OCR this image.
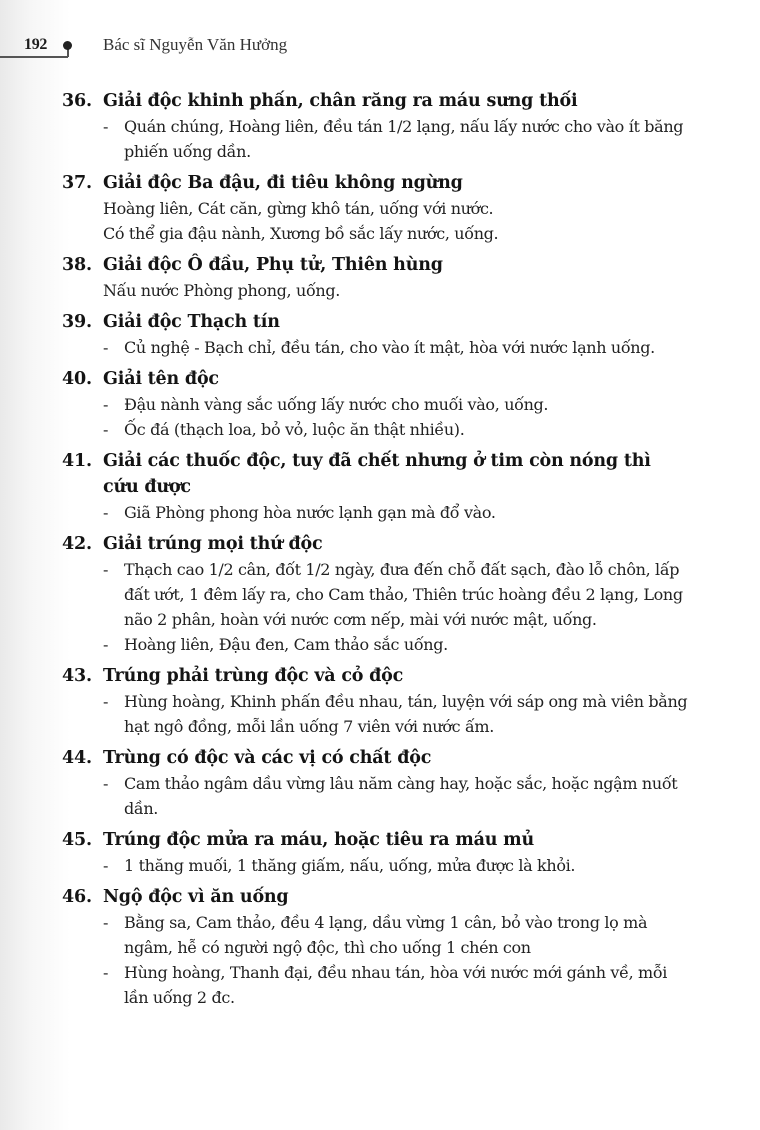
192	Bác sĩ Nguyễn Văn Hưởng
36. Giải độc khinh phấn, chân răng ra máu sưng thối
- Quán chúng, Hoàng liên, đều tán 1/2 lạng, nấu lấy nước cho vào ít băng phiến uống dần.
37. Giải độc Ba đậu, đi tiêu không ngừng
Hoàng liên, Cát căn, gừng khô tán, uống với nước.
Có thể gia đậu nành, Xương bồ sắc lấy nước, uống.
38. Giải độc Ô đầu, Phụ tử, Thiên hùng
Nấu nước Phòng phong, uống.
39. Giải độc Thạch tín
- Củ nghệ - Bạch chỉ, đều tán, cho vào ít mật, hòa với nước lạnh uống.
40. Giải tên độc
- Đậu nành vàng sắc uống lấy nước cho muối vào, uống.
- Ốc đá (thạch loa, bỏ vỏ, luộc ăn thật nhiều).
41. Giải các thuốc độc, tuy đã chết nhưng ở tim còn nóng thì cứu được
- Giã Phòng phong hòa nước lạnh gạn mà đổ vào.
42. Giải trúng mọi thứ độc
- Thạch cao 1/2 cân, đốt 1/2 ngày, đưa đến chỗ đất sạch, đào lỗ chôn, lấp đất ướt, 1 đêm lấy ra, cho Cam thảo, Thiên trúc hoàng đều 2 lạng, Long não 2 phân, hoàn với nước cơm nếp, mài với nước mật, uống.
- Hoàng liên, Đậu đen, Cam thảo sắc uống.
43. Trúng phải trùng độc và cỏ độc
- Hùng hoàng, Khinh phấn đều nhau, tán, luyện với sáp ong mà viên bằng hạt ngô đồng, mỗi lần uống 7 viên với nước ấm.
44. Trùng có độc và các vị có chất độc
- Cam thảo ngâm dầu vừng lâu năm càng hay, hoặc sắc, hoặc ngậm nuốt dần.
45. Trúng độc mửa ra máu, hoặc tiêu ra máu mủ
- 1 thăng muối, 1 thăng giấm, nấu, uống, mửa được là khỏi.
46. Ngộ độc vì ăn uống
- Bằng sa, Cam thảo, đều 4 lạng, dầu vừng 1 cân, bỏ vào trong lọ mà ngâm, hễ có người ngộ độc, thì cho uống 1 chén con
- Hùng hoàng, Thanh đại, đều nhau tán, hòa với nước mới gánh về, mỗi lần uống 2 đc.
